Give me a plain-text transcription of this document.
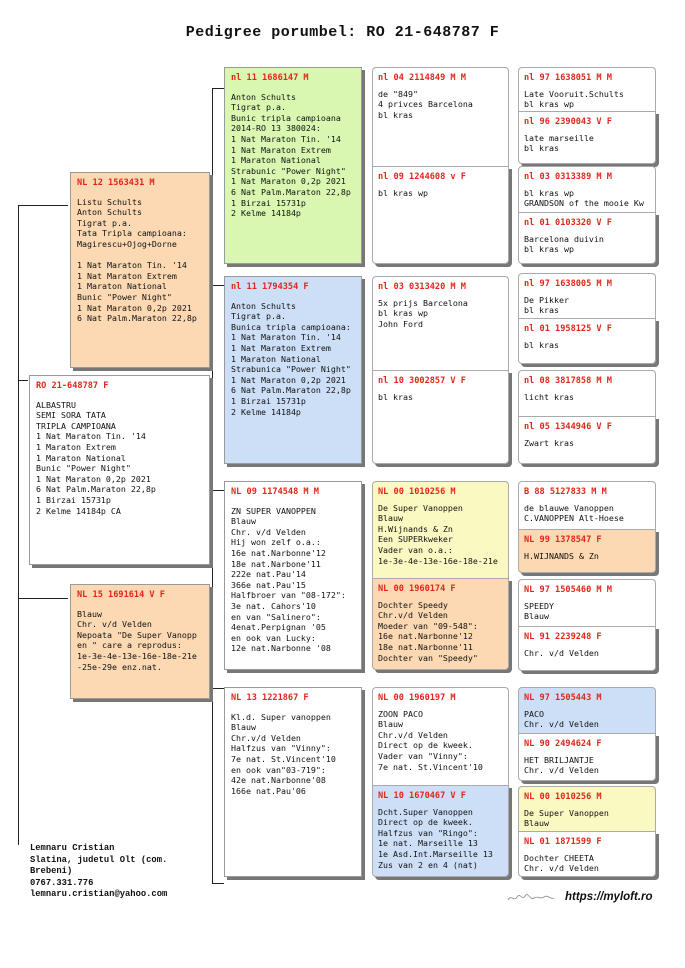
Pedigree porumbel: RO 21-648787 F
RO 21-648787 F
ALBASTRU
SEMI SORA TATA
TRIPLA CAMPIOANA
1 Nat Maraton Tin. '14
1 Maraton Extrem
1 Maraton National
Bunic "Power Night"
1 Nat Maraton 0,2p 2021
6 Nat Palm.Maraton 22,8p
1 Birzai 15731p
2 Kelme 14184p CA
NL 12 1563431 M
Listu Schults
Anton Schults
Tigrat p.a.
Tata Tripla campioana:
Magirescu+Ojog+Dorne

1 Nat Maraton Tin. '14
1 Nat Maraton Extrem
1 Maraton National
Bunic "Power Night"
1 Nat Maraton 0,2p 2021
6 Nat Palm.Maraton 22,8p
NL 15 1691614 V F
Blauw
Chr. v/d Velden
Nepoata "De Super Vanopp
en " care a reprodus:
1e-3e-4e-13e-16e-18e-21e
-25e-29e enz.nat.
nl 11 1686147 M
Anton Schults
Tigrat p.a.
Bunic tripla campioana
2014-RO 13 380024:
1 Nat Maraton Tin. '14
1 Nat Maraton Extrem
1 Maraton National
Strabunic "Power Night"
1 Nat Maraton 0,2p 2021
6 Nat Palm.Maraton 22,8p
1 Birzai 15731p
2 Kelme 14184p
nl 11 1794354 F
Anton Schults
Tigrat p.a.
Bunica tripla campioana:
1 Nat Maraton Tin. '14
1 Nat Maraton Extrem
1 Maraton National
Strabunica "Power Night"
1 Nat Maraton 0,2p 2021
6 Nat Palm.Maraton 22,8p
1 Birzai 15731p
2 Kelme 14184p
NL 09 1174548 M M
ZN SUPER VANOPPEN
Blauw
Chr. v/d Velden
Hij won zelf o.a.:
16e nat.Narbonne'12
18e nat.Narbone'11
222e nat.Pau'14
366e nat.Pau'15
Halfbroer van "08-172":
3e nat. Cahors'10
en van "Salinero":
4enat.Perpignan '05
en ook van Lucky:
12e nat.Narbonne '08
NL 13 1221867 F
Kl.d. Super vanoppen
Blauw
Chr.v/d Velden
Halfzus van "Vinny":
7e nat. St.Vincent'10
en ook van"03-719":
42e nat.Narbonne'08
166e nat.Pau'06
nl 04 2114849 M M
de "849"
4 privces Barcelona
bl kras
nl 09 1244608 v F
bl kras wp
nl 03 0313420 M M
5x prijs Barcelona
bl kras wp
John Ford
nl 10 3002857 V F
bl kras
NL 00 1010256 M
De Super Vanoppen
Blauw
H.Wijnands & Zn
Een SUPERkweker
Vader van o.a.:
1e-3e-4e-13e-16e-18e-21e
NL 00 1960174 F
Dochter Speedy
Chr.v/d Velden
Moeder van "09-548":
16e nat.Narbonne'12
18e nat.Narbonne'11
Dochter van "Speedy"
NL 00 1960197 M
ZOON PACO
Blauw
Chr.v/d Velden
Direct op de kweek.
Vader van "Vinny":
7e nat. St.Vincent'10
NL 10 1670467 V F
Dcht.Super Vanoppen
Direct op de kweek.
Halfzus van "Ringo":
1e nat. Marseille 13
1e Asd.Int.Marseille 13
Zus van 2 en 4 (nat)
nl 97 1638051 M M
Late Vooruit.Schults
bl kras wp
nl 96 2390043 V F
late marseille
bl kras
nl 03 0313389 M M
bl kras wp
GRANDSON of the mooie Kw
nl 01 0103320 V F
Barcelona duivin
bl kras wp
nl 97 1638005 M M
De Pikker
bl kras
nl 01 1958125 V F
bl kras
nl 08 3817858 M M
licht kras
nl 05 1344946 V F
Zwart kras
B 88 5127833 M M
de blauwe Vanoppen
C.VANOPPEN Alt-Hoese
NL 99 1378547 F
H.WIJNANDS & Zn
NL 97 1505460 M M
SPEEDY
Blauw
NL 91 2239248 F
Chr. v/d Velden
NL 97 1505443 M
PACO
Chr. v/d Velden
NL 90 2494624 F
HET BRILJANTJE
Chr. v/d Velden
NL 00 1010256 M
De Super Vanoppen
Blauw
NL 01 1871599 F
Dochter CHEETA
Chr. v/d Velden
Lemnaru Cristian
Slatina, judetul Olt (com.
Brebeni)
0767.331.776
lemnaru.cristian@yahoo.com	https://myloft.ro
